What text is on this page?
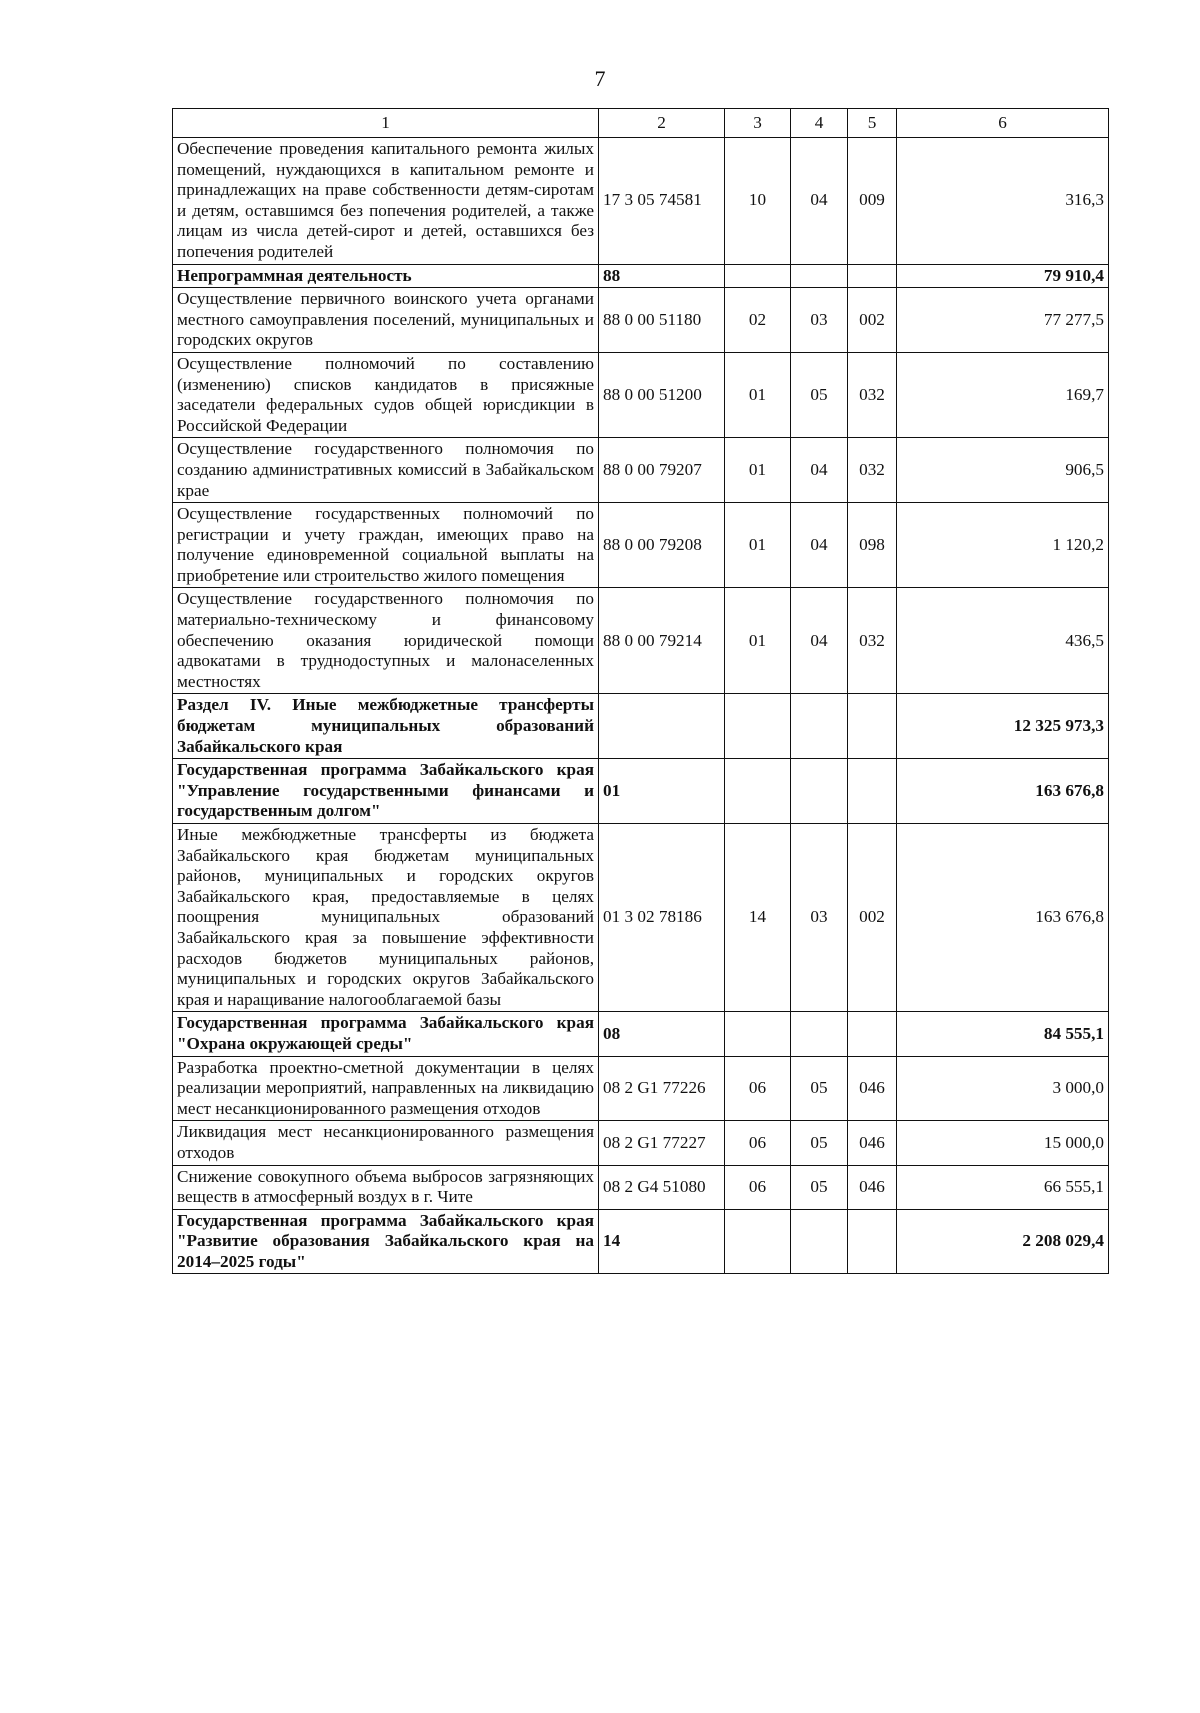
7
1	2	3	4	5	6
Обеспечение проведения капитального ремонта жилых помещений, нуждающихся в капитальном ремонте и принадлежащих на праве собственности детям-сиротам и детям, оставшимся без попечения родителей, а также лицам из числа детей-сирот и детей, оставшихся без попечения родителей	17 3 05 74581	10	04	009	316,3
Непрограммная деятельность	88				79 910,4
Осуществление первичного воинского учета органами местного самоуправления поселений, муниципальных и городских округов	88 0 00 51180	02	03	002	77 277,5
Осуществление полномочий по составлению (изменению) списков кандидатов в присяжные заседатели федеральных судов общей юрисдикции в Российской Федерации	88 0 00 51200	01	05	032	169,7
Осуществление государственного полномочия по созданию административных комиссий в Забайкальском крае	88 0 00 79207	01	04	032	906,5
Осуществление государственных полномочий по регистрации и учету граждан, имеющих право на получение единовременной социальной выплаты на приобретение или строительство жилого помещения	88 0 00 79208	01	04	098	1 120,2
Осуществление государственного полномочия по материально-техническому и финансовому обеспечению оказания юридической помощи адвокатами в труднодоступных и малонаселенных местностях	88 0 00 79214	01	04	032	436,5
Раздел IV. Иные межбюджетные трансферты бюджетам муниципальных образований Забайкальского края					12 325 973,3
Государственная программа Забайкальского края "Управление государственными финансами и государственным долгом"	01				163 676,8
Иные межбюджетные трансферты из бюджета Забайкальского края бюджетам муниципальных районов, муниципальных и городских округов Забайкальского края, предоставляемые в целях поощрения муниципальных образований Забайкальского края за повышение эффективности расходов бюджетов муниципальных районов, муниципальных и городских округов Забайкальского края и наращивание налогооблагаемой базы	01 3 02 78186	14	03	002	163 676,8
Государственная программа Забайкальского края "Охрана окружающей среды"	08				84 555,1
Разработка проектно-сметной документации в целях реализации мероприятий, направленных на ликвидацию мест несанкционированного размещения отходов	08 2 G1 77226	06	05	046	3 000,0
Ликвидация мест несанкционированного размещения отходов	08 2 G1 77227	06	05	046	15 000,0
Снижение совокупного объема выбросов загрязняющих веществ в атмосферный воздух в г. Чите	08 2 G4 51080	06	05	046	66 555,1
Государственная программа Забайкальского края "Развитие образования Забайкальского края на 2014–2025 годы"	14				2 208 029,4
